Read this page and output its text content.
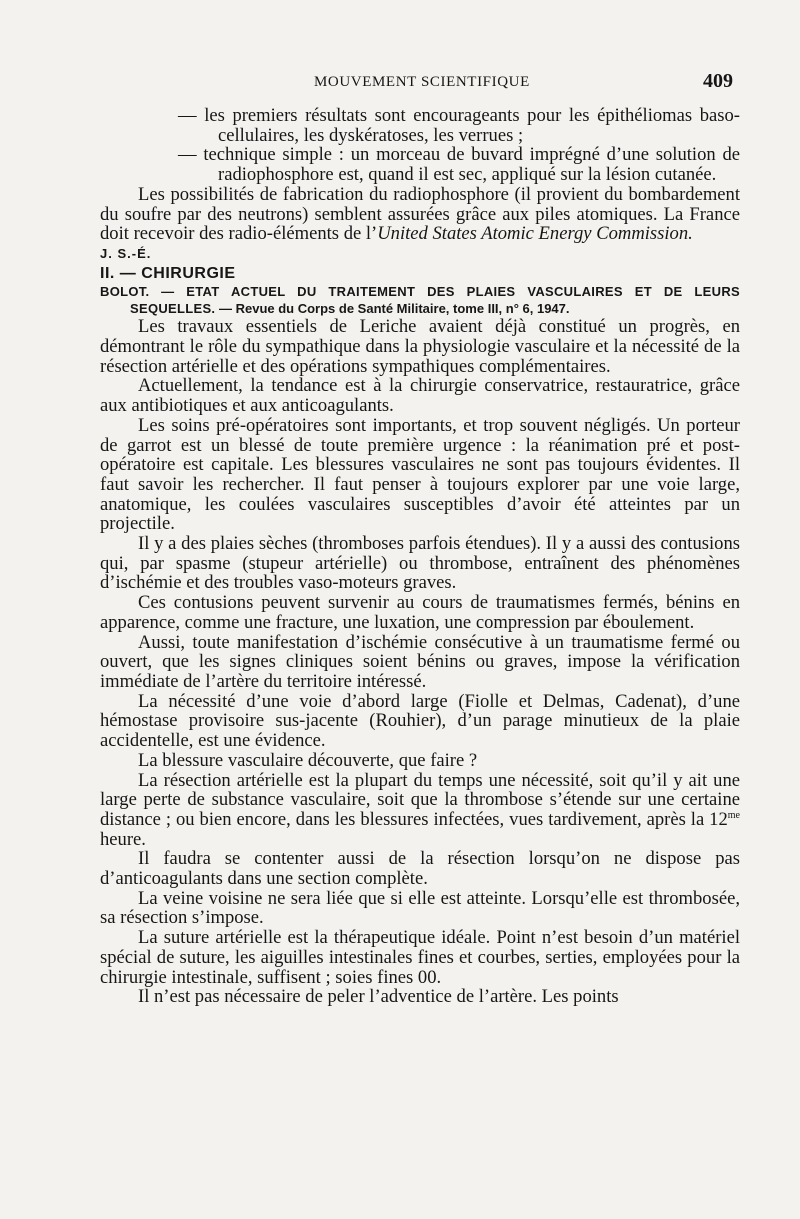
MOUVEMENT SCIENTIFIQUE	409

— les premiers résultats sont encourageants pour les épithéliomas baso-cellulaires, les dyskératoses, les verrues ;

— technique simple : un morceau de buvard imprégné d’une solution de radiophosphore est, quand il est sec, appliqué sur la lésion cutanée.

Les possibilités de fabrication du radiophosphore (il provient du bombardement du soufre par des neutrons) semblent assurées grâce aux piles atomiques. La France doit recevoir des radio-éléments de l’United States Atomic Energy Commission.

J. S.-É.

II. — CHIRURGIE

BOLOT. — ETAT ACTUEL DU TRAITEMENT DES PLAIES VASCULAIRES ET DE LEURS SEQUELLES. — Revue du Corps de Santé Militaire, tome III, n° 6, 1947.

Les travaux essentiels de Leriche avaient déjà constitué un progrès, en démontrant le rôle du sympathique dans la physiologie vasculaire et la nécessité de la résection artérielle et des opérations sympathiques complémentaires.

Actuellement, la tendance est à la chirurgie conservatrice, restauratrice, grâce aux antibiotiques et aux anticoagulants.

Les soins pré-opératoires sont importants, et trop souvent négligés. Un porteur de garrot est un blessé de toute première urgence : la réanimation pré et post-opératoire est capitale. Les blessures vasculaires ne sont pas toujours évidentes. Il faut savoir les rechercher. Il faut penser à toujours explorer par une voie large, anatomique, les coulées vasculaires susceptibles d’avoir été atteintes par un projectile.

Il y a des plaies sèches (thromboses parfois étendues). Il y a aussi des contusions qui, par spasme (stupeur artérielle) ou thrombose, entraînent des phénomènes d’ischémie et des troubles vaso-moteurs graves.

Ces contusions peuvent survenir au cours de traumatismes fermés, bénins en apparence, comme une fracture, une luxation, une compression par éboulement.

Aussi, toute manifestation d’ischémie consécutive à un traumatisme fermé ou ouvert, que les signes cliniques soient bénins ou graves, impose la vérification immédiate de l’artère du territoire intéressé.

La nécessité d’une voie d’abord large (Fiolle et Delmas, Cadenat), d’une hémostase provisoire sus-jacente (Rouhier), d’un parage minutieux de la plaie accidentelle, est une évidence.

La blessure vasculaire découverte, que faire ?

La résection artérielle est la plupart du temps une nécessité, soit qu’il y ait une large perte de substance vasculaire, soit que la thrombose s’étende sur une certaine distance ; ou bien encore, dans les blessures infectées, vues tardivement, après la $12^{me}$ heure.

Il faudra se contenter aussi de la résection lorsqu’on ne dispose pas d’anticoagulants dans une section complète.

La veine voisine ne sera liée que si elle est atteinte. Lorsqu’elle est thrombosée, sa résection s’impose.

La suture artérielle est la thérapeutique idéale. Point n’est besoin d’un matériel spécial de suture, les aiguilles intestinales fines et courbes, serties, employées pour la chirurgie intestinale, suffisent ; soies fines 00.

Il n’est pas nécessaire de peler l’adventice de l’artère. Les points
